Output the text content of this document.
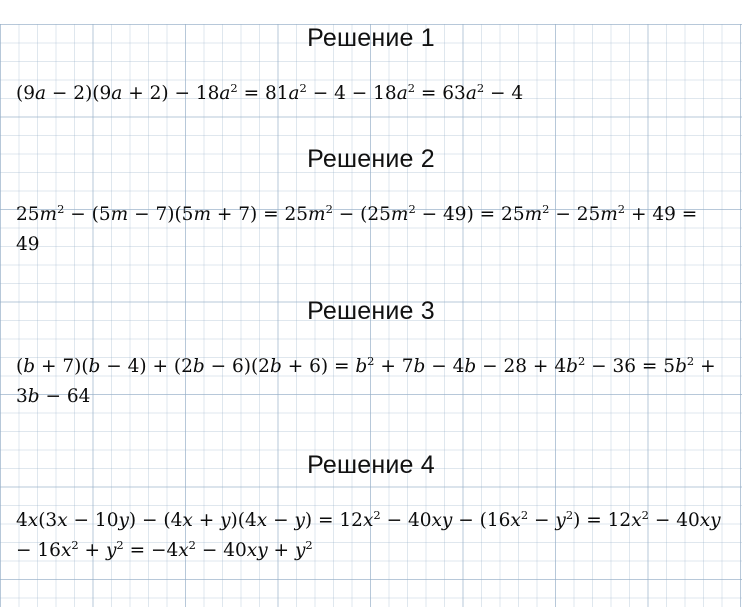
Решение 1
$(9a - 2)(9a + 2) - 18a^2 = 81a^2 - 4 - 18a^2 = 63a^2 - 4$
Решение 2
$25m^2 - (5m - 7)(5m + 7) = 25m^2 - (25m^2 - 49) = 25m^2 - 25m^2 + 49 = 49$
Решение 3
$(b + 7)(b - 4) + (2b - 6)(2b + 6) = b^2 + 7b - 4b - 28 + 4b^2 - 36 = 5b^2 + 3b - 64$
Решение 4
$4x(3x - 10y) - (4x + y)(4x - y) = 12x^2 - 40xy - (16x^2 - y^2) = 12x^2 - 40xy - 16x^2 + y^2 = -4x^2 - 40xy + y^2$
